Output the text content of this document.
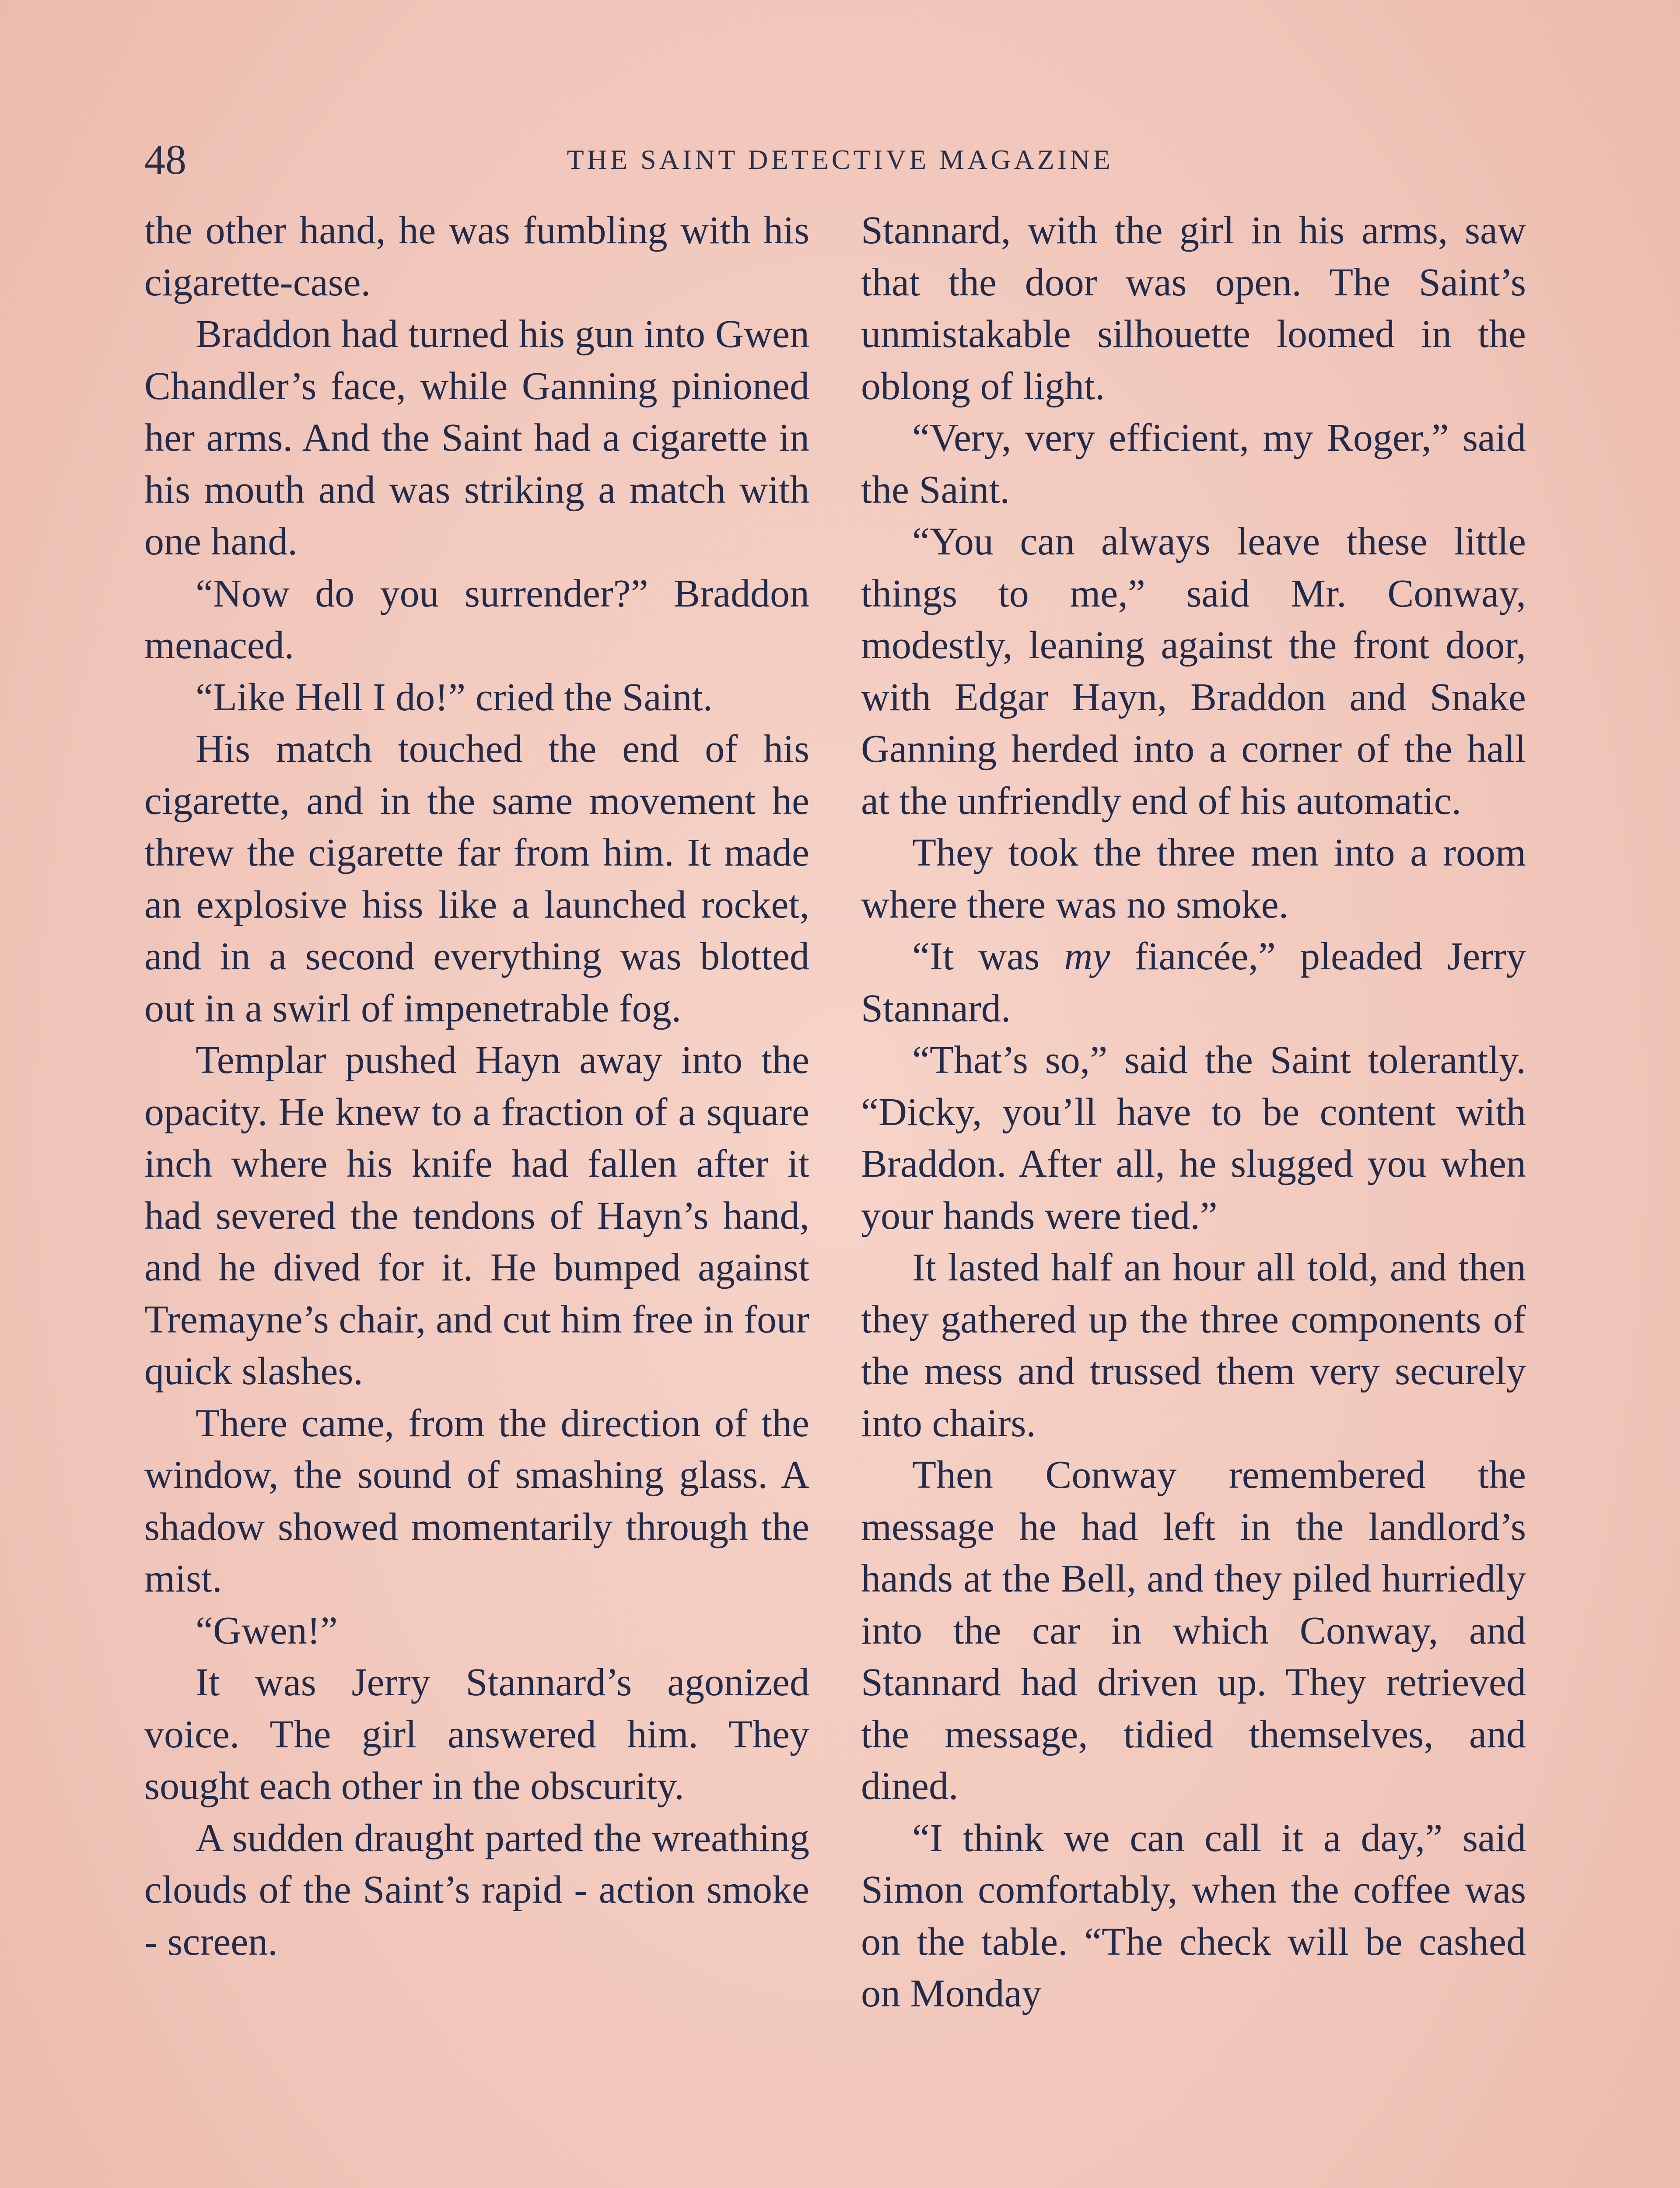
48	THE SAINT DETECTIVE MAGAZINE

the other hand, he was fumbling with his cigarette-case.

Braddon had turned his gun into Gwen Chandler’s face, while Ganning pinioned her arms. And the Saint had a cigarette in his mouth and was striking a match with one hand.

“Now do you surrender?” Braddon menaced.

“Like Hell I do!” cried the Saint.

His match touched the end of his cigarette, and in the same movement he threw the cigarette far from him. It made an explosive hiss like a launched rocket, and in a second everything was blotted out in a swirl of impenetrable fog.

Templar pushed Hayn away into the opacity. He knew to a fraction of a square inch where his knife had fallen after it had severed the tendons of Hayn’s hand, and he dived for it. He bumped against Tremayne’s chair, and cut him free in four quick slashes.

There came, from the direction of the window, the sound of smashing glass. A shadow showed momentarily through the mist.

“Gwen!”

It was Jerry Stannard’s agonized voice. The girl answered him. They sought each other in the obscurity.

A sudden draught parted the wreathing clouds of the Saint’s rapid - action smoke - screen.

Stannard, with the girl in his arms, saw that the door was open. The Saint’s unmistakable silhouette loomed in the oblong of light.

“Very, very efficient, my Roger,” said the Saint.

“You can always leave these little things to me,” said Mr. Conway, modestly, leaning against the front door, with Edgar Hayn, Braddon and Snake Ganning herded into a corner of the hall at the unfriendly end of his automatic.

They took the three men into a room where there was no smoke.

“It was my fiancée,” pleaded Jerry Stannard.

“That’s so,” said the Saint tolerantly. “Dicky, you’ll have to be content with Braddon. After all, he slugged you when your hands were tied.”

It lasted half an hour all told, and then they gathered up the three components of the mess and trussed them very securely into chairs.

Then Conway remembered the message he had left in the landlord’s hands at the Bell, and they piled hurriedly into the car in which Conway, and Stannard had driven up. They retrieved the message, tidied themselves, and dined.

“I think we can call it a day,” said Simon comfortably, when the coffee was on the table. “The check will be cashed on Monday
